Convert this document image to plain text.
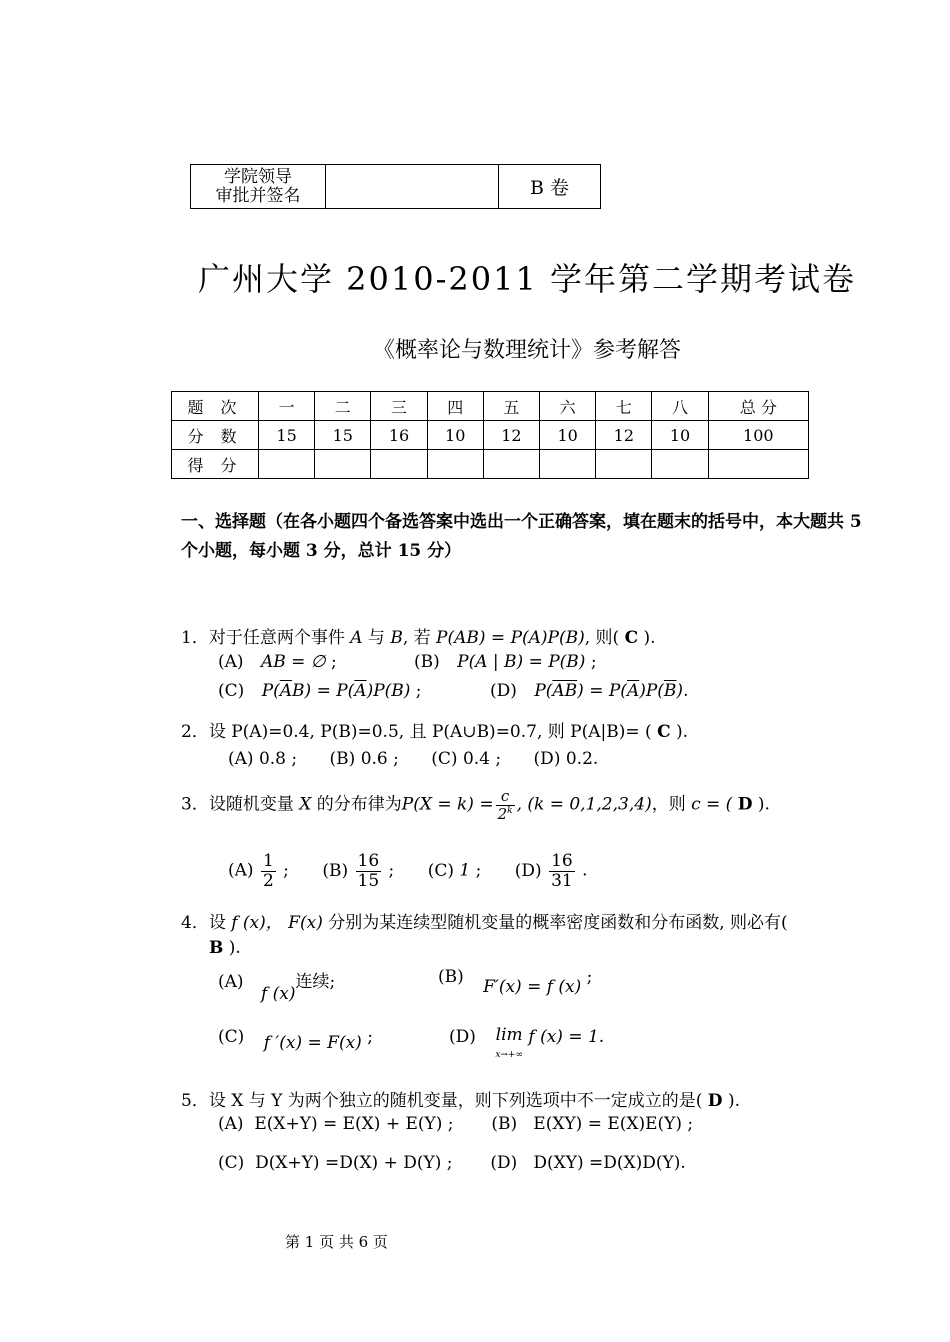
学院领导
审批并签名		B 卷
广州大学 2010-2011 学年第二学期考试卷
《概率论与数理统计》参考解答
题 次	一	二	三	四	五	六	七	八	总 分
分 数	15	15	16	10	12	10	12	10	100
得 分									
一、选择题（在各小题四个备选答案中选出一个正确答案，填在题末的括号中，本大题共 5 个小题，每小题 3 分，总计 15 分）
1．对于任意两个事件 A 与 B, 若 P(AB) = P(A)P(B), 则( C ).
(A) AB = ∅ ;	(B) P(A | B) = P(B) ;
(C) $P(\overline{A}B) = P(\overline{A})P(B)$ ;	(D) $P(\overline{AB}) = P(\overline{A})P(\overline{B})$.
2．设 P(A)=0.4, P(B)=0.5, 且 P(A∪B)=0.7, 则 P(A|B)= ( C ).
(A) 0.8 ;      (B) 0.6 ;      (C) 0.4 ;      (D) 0.2.
3．设随机变量 X 的分布律为$P(X = k) = \frac{c}{2^k}$ , (k = 0,1,2,3,4)，则 c = ( D ).
$(A) \frac{1}{2}$ ; $(B) \frac{16}{15}$ ; (C) 1 ; $(D) \frac{16}{31}$ .
4．设 f (x)， F(x) 分别为某连续型随机变量的概率密度函数和分布函数, 则必有(
B ).
(A) f (x)连续;	(B) F′(x) = f (x) ;
(C) f ′(x) = F(x) ;	(D) lim
x→+∞ f (x) = 1.
5．设 X 与 Y 为两个独立的随机变量，则下列选项中不一定成立的是( D ).
(A)  E(X+Y) = E(X) + E(Y) ;       (B)   E(XY) = E(X)E(Y) ;
(C)  D(X+Y) =D(X) + D(Y) ;       (D)   D(XY) =D(X)D(Y).
第 1 页 共 6 页
